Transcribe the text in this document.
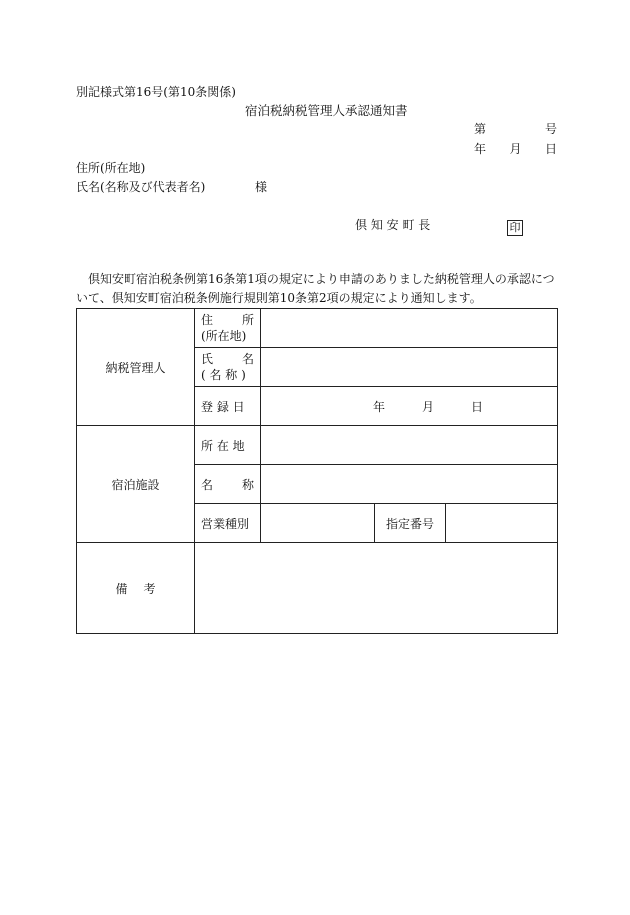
別記様式第16号(第10条関係)
宿泊税納税管理人承認通知書
第	号
年 月 日
住所(所在地)
氏名(名称及び代表者名)	様
倶 知 安 町 長	印
倶知安町宿泊税条例第16条第1項の規定により申請のありました納税管理人の承認につ
いて、倶知安町宿泊税条例施行規則第10条第2項の規定により通知します。
納税管理人	住 所
(所在地)			

	氏 名
( 名 称 )			

	登 録 日	年 月 日		

宿泊施設	所 在 地			

	名 称			

	営業種別		指定番号	

備 考				
